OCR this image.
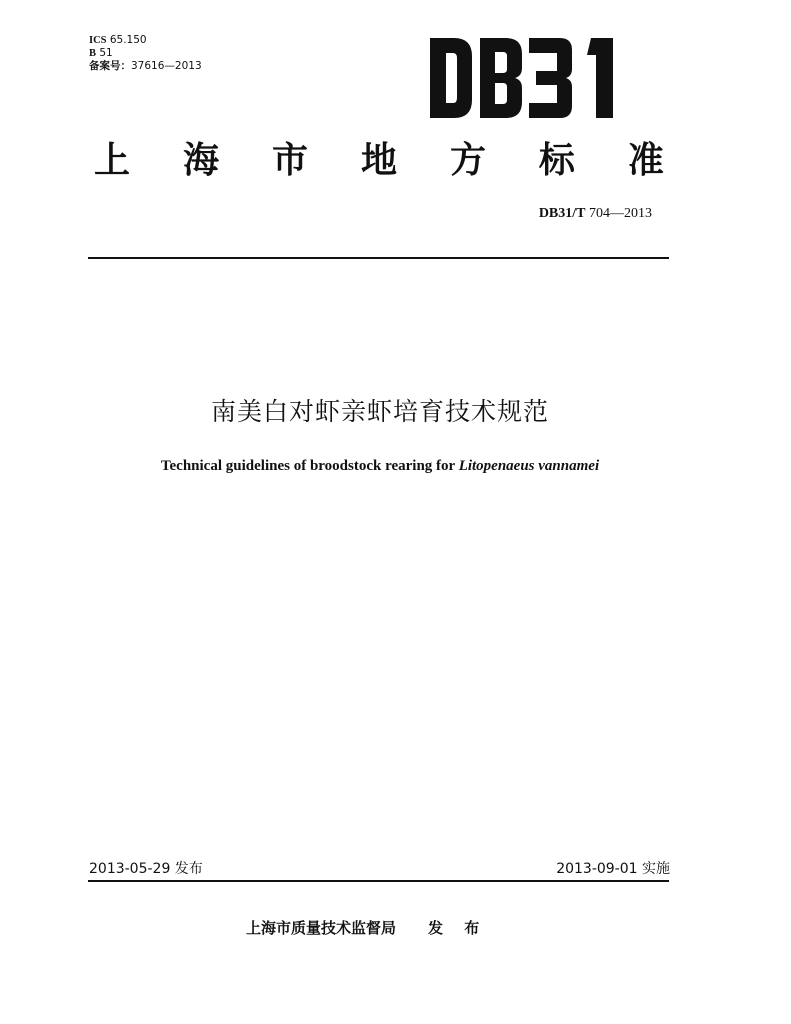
ICS 65.150
B 51
备案号：37616—2013
上 海 市 地 方 标 准
DB31/T 704—2013
南美白对虾亲虾培育技术规范
Technical guidelines of broodstock rearing for Litopenaeus vannamei
2013-05-29 发布	2013-09-01 实施
上海市质量技术监督局 发 布
